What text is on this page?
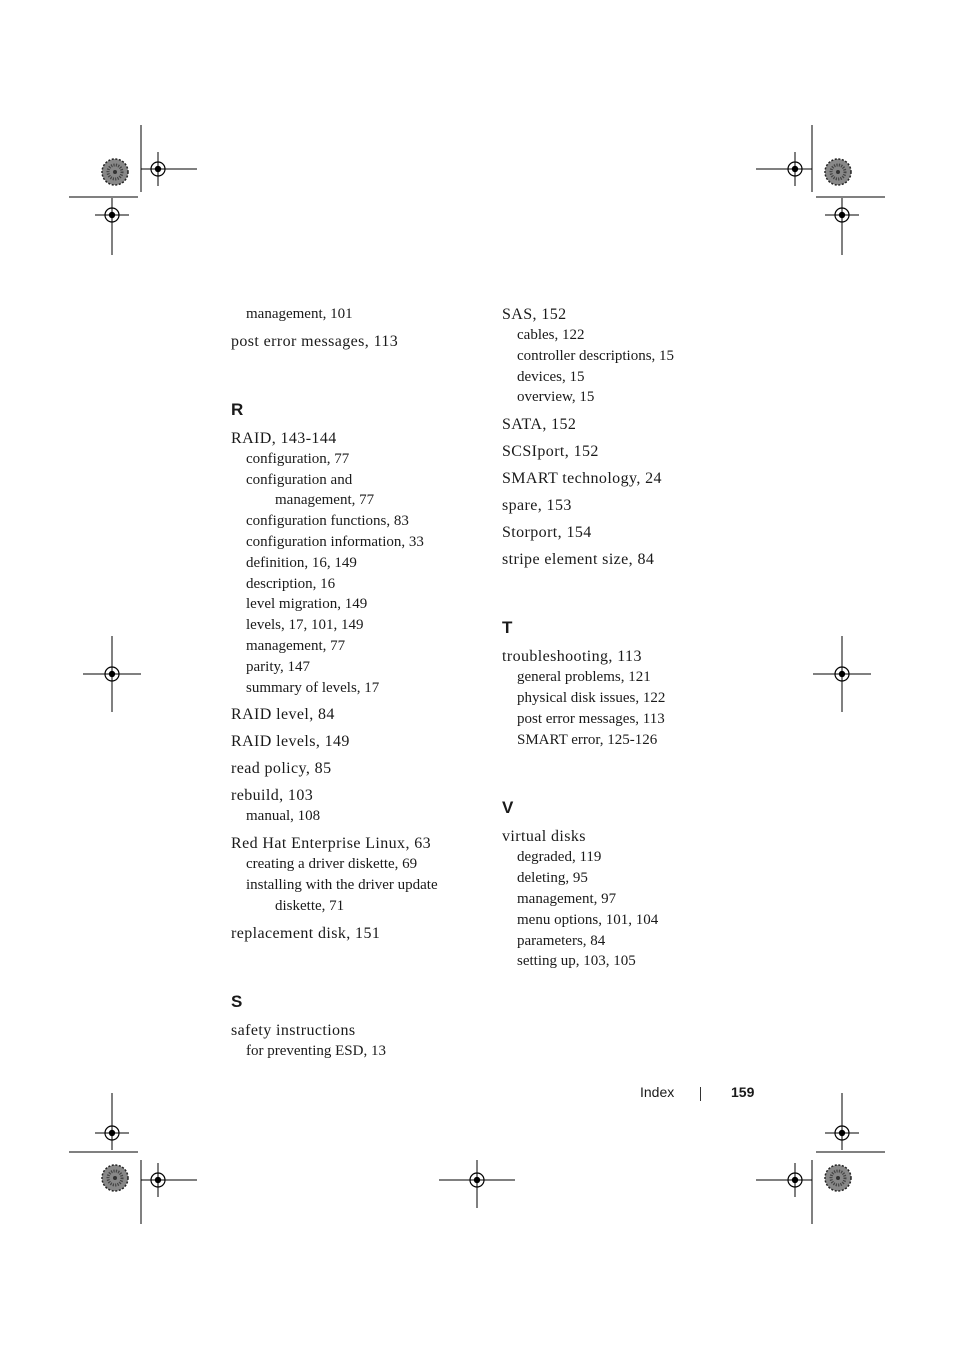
management, 101
post error messages, 113
R
RAID, 143-144
configuration, 77
configuration and
management, 77
configuration functions, 83
configuration information, 33
definition, 16, 149
description, 16
level migration, 149
levels, 17, 101, 149
management, 77
parity, 147
summary of levels, 17
RAID level, 84
RAID levels, 149
read policy, 85
rebuild, 103
manual, 108
Red Hat Enterprise Linux, 63
creating a driver diskette, 69
installing with the driver update
diskette, 71
replacement disk, 151
S
safety instructions
for preventing ESD, 13
SAS, 152
cables, 122
controller descriptions, 15
devices, 15
overview, 15
SATA, 152
SCSIport, 152
SMART technology, 24
spare, 153
Storport, 154
stripe element size, 84
T
troubleshooting, 113
general problems, 121
physical disk issues, 122
post error messages, 113
SMART error, 125-126
V
virtual disks
degraded, 119
deleting, 95
management, 97
menu options, 101, 104
parameters, 84
setting up, 103, 105
Index	159
